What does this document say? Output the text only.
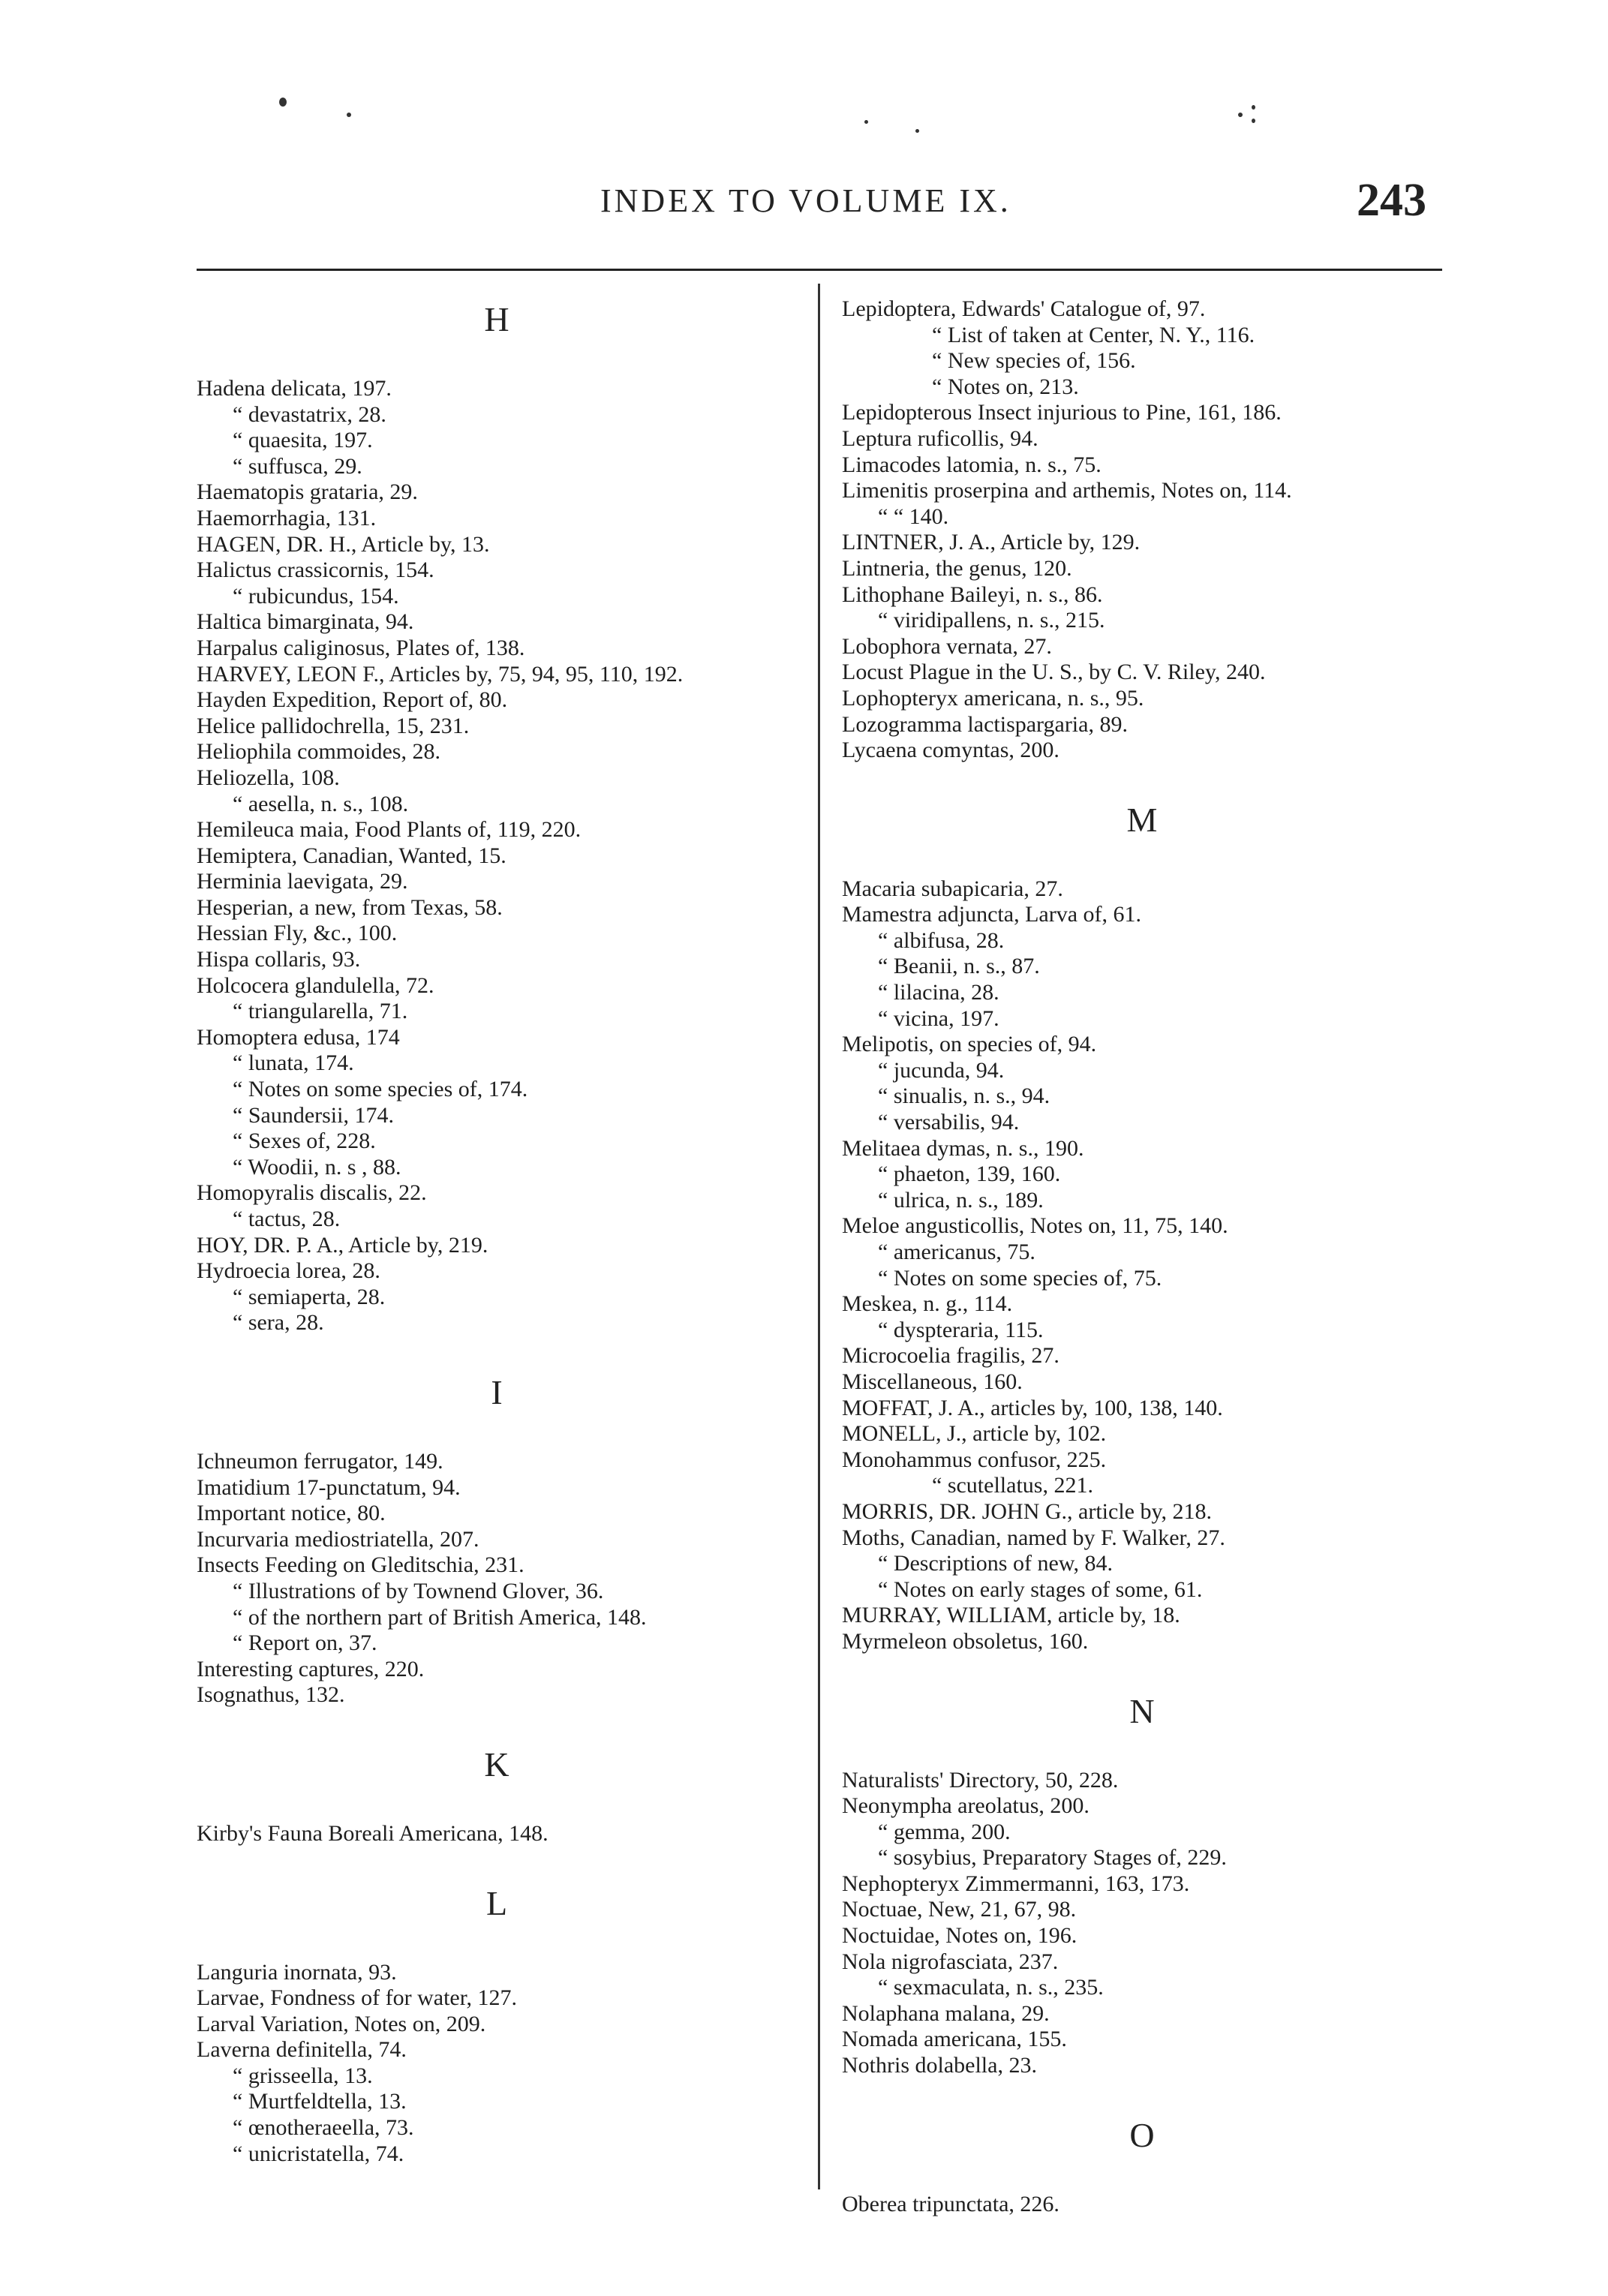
INDEX TO VOLUME IX.	243
H
Hadena delicata, 197.
“ devastatrix, 28.
“ quaesita, 197.
“ suffusca, 29.
Haematopis grataria, 29.
Haemorrhagia, 131.
HAGEN, DR. H., Article by, 13.
Halictus crassicornis, 154.
“ rubicundus, 154.
Haltica bimarginata, 94.
Harpalus caliginosus, Plates of, 138.
HARVEY, LEON F., Articles by, 75, 94, 95, 110, 192.
Hayden Expedition, Report of, 80.
Helice pallidochrella, 15, 231.
Heliophila commoides, 28.
Heliozella, 108.
“ aesella, n. s., 108.
Hemileuca maia, Food Plants of, 119, 220.
Hemiptera, Canadian, Wanted, 15.
Herminia laevigata, 29.
Hesperian, a new, from Texas, 58.
Hessian Fly, &c., 100.
Hispa collaris, 93.
Holcocera glandulella, 72.
“ triangularella, 71.
Homoptera edusa, 174
“ lunata, 174.
“ Notes on some species of, 174.
“ Saundersii, 174.
“ Sexes of, 228.
“ Woodii, n. s , 88.
Homopyralis discalis, 22.
“ tactus, 28.
HOY, DR. P. A., Article by, 219.
Hydroecia lorea, 28.
“ semiaperta, 28.
“ sera, 28.
I
Ichneumon ferrugator, 149.
Imatidium 17-punctatum, 94.
Important notice, 80.
Incurvaria mediostriatella, 207.
Insects Feeding on Gleditschia, 231.
“ Illustrations of by Townend Glover, 36.
“ of the northern part of British America, 148.
“ Report on, 37.
Interesting captures, 220.
Isognathus, 132.
K
Kirby's Fauna Boreali Americana, 148.
L
Languria inornata, 93.
Larvae, Fondness of for water, 127.
Larval Variation, Notes on, 209.
Laverna definitella, 74.
“ grisseella, 13.
“ Murtfeldtella, 13.
“ œnotheraeella, 73.
“ unicristatella, 74.
Lepidoptera, Edwards' Catalogue of, 97.
“ List of taken at Center, N. Y., 116.
“ New species of, 156.
“ Notes on, 213.
Lepidopterous Insect injurious to Pine, 161, 186.
Leptura ruficollis, 94.
Limacodes latomia, n. s., 75.
Limenitis proserpina and arthemis, Notes on, 114.
“ “ 140.
LINTNER, J. A., Article by, 129.
Lintneria, the genus, 120.
Lithophane Baileyi, n. s., 86.
“ viridipallens, n. s., 215.
Lobophora vernata, 27.
Locust Plague in the U. S., by C. V. Riley, 240.
Lophopteryx americana, n. s., 95.
Lozogramma lactispargaria, 89.
Lycaena comyntas, 200.
M
Macaria subapicaria, 27.
Mamestra adjuncta, Larva of, 61.
“ albifusa, 28.
“ Beanii, n. s., 87.
“ lilacina, 28.
“ vicina, 197.
Melipotis, on species of, 94.
“ jucunda, 94.
“ sinualis, n. s., 94.
“ versabilis, 94.
Melitaea dymas, n. s., 190.
“ phaeton, 139, 160.
“ ulrica, n. s., 189.
Meloe angusticollis, Notes on, 11, 75, 140.
“ americanus, 75.
“ Notes on some species of, 75.
Meskea, n. g., 114.
“ dyspteraria, 115.
Microcoelia fragilis, 27.
Miscellaneous, 160.
MOFFAT, J. A., articles by, 100, 138, 140.
MONELL, J., article by, 102.
Monohammus confusor, 225.
“ scutellatus, 221.
MORRIS, DR. JOHN G., article by, 218.
Moths, Canadian, named by F. Walker, 27.
“ Descriptions of new, 84.
“ Notes on early stages of some, 61.
MURRAY, WILLIAM, article by, 18.
Myrmeleon obsoletus, 160.
N
Naturalists' Directory, 50, 228.
Neonympha areolatus, 200.
“ gemma, 200.
“ sosybius, Preparatory Stages of, 229.
Nephopteryx Zimmermanni, 163, 173.
Noctuae, New, 21, 67, 98.
Noctuidae, Notes on, 196.
Nola nigrofasciata, 237.
“ sexmaculata, n. s., 235.
Nolaphana malana, 29.
Nomada americana, 155.
Nothris dolabella, 23.
O
Oberea tripunctata, 226.
